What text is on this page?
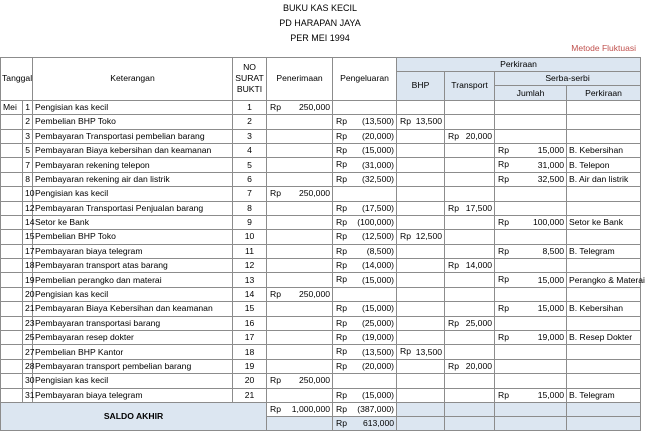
BUKU KAS KECIL
PD HARAPAN JAYA
PER MEI 1994
Metode Fluktuasi
Tanggal		Keterangan	NO SURAT BUKTI	Penerimaan	Pengeluaran	Perkiraan			
						BHP	Transport	Serba-serbi	
								Jumlah	Perkiraan
Mei	1	Pengisian kas kecil	1	Rp 250,000					

	2	Pembelian BHP Toko	2		Rp (13,500)	Rp 13,500			

	3	Pembayaran Transportasi pembelian barang	3		Rp (20,000)		Rp 20,000		

	5	Pembayaran Biaya kebersihan dan keamanan	4		Rp (15,000)			Rp 15,000	B. Kebersihan
	7	Pembayaran rekening telepon	5		Rp (31,000)			Rp 31,000	B. Telepon
	8	Pembayaran rekening air dan listrik	6		Rp (32,500)			Rp 32,500	B. Air dan listrik
	10	Pengisian kas kecil	7	Rp 250,000					

	12	Pembayaran Transportasi Penjualan barang	8		Rp (17,500)		Rp 17,500		

	14	Setor ke Bank	9		Rp (100,000)			Rp 100,000	Setor ke Bank
	15	Pembelian BHP Toko	10		Rp (12,500)	Rp 12,500			

	17	Pembayaran biaya telegram	11		Rp (8,500)			Rp 8,500	B. Telegram
	18	Pembayaran transport atas barang	12		Rp (14,000)		Rp 14,000		

	19	Pembelian perangko dan materai	13		Rp (15,000)			Rp 15,000	Perangko & Materai
	20	Pengisian kas kecil	14	Rp 250,000					

	21	Pembayaran Biaya Kebersihan dan keamanan	15		Rp (15,000)			Rp 15,000	B. Kebersihan
	23	Pembayaran transportasi barang	16		Rp (25,000)		Rp 25,000		

	25	Pembayaran resep dokter	17		Rp (19,000)			Rp 19,000	B. Resep Dokter
	27	Pembelian BHP Kantor	18		Rp (13,500)	Rp 13,500			

	28	Pembayaran transport pembelian barang	19		Rp (20,000)		Rp 20,000		

	30	Pengisian kas kecil	20	Rp 250,000					

	31	Pembayaran biaya telegram	21		Rp (15,000)			Rp 15,000	B. Telegram
SALDO AKHIR				Rp 1,000,000	Rp (387,000)				

					Rp 613,000				
